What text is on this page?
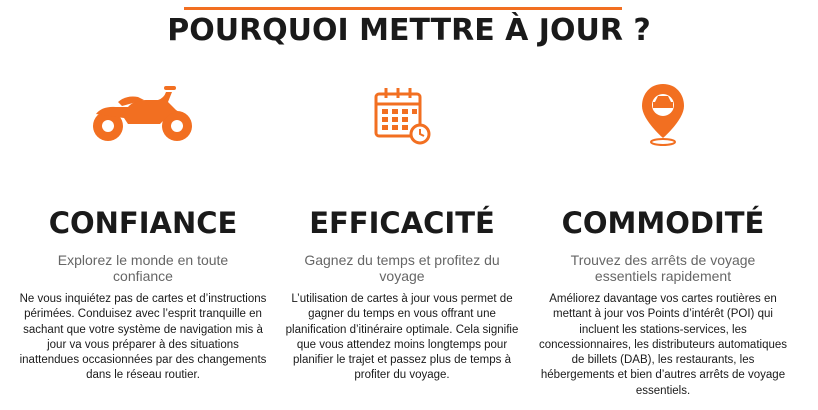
POURQUOI METTRE À JOUR ?
CONFIANCE

Explorez le monde en toute confiance

Ne vous inquiétez pas de cartes et d’instructions périmées. Conduisez avec l’esprit tranquille en sachant que votre système de navigation mis à jour va vous préparer à des situations inattendues occasionnées par des changements dans le réseau routier.

EFFICACITÉ

Gagnez du temps et profitez du voyage

L’utilisation de cartes à jour vous permet de gagner du temps en vous offrant une planification d’itinéraire optimale. Cela signifie que vous attendez moins longtemps pour planifier le trajet et passez plus de temps à profiter du voyage.

COMMODITÉ

Trouvez des arrêts de voyage essentiels rapidement

Améliorez davantage vos cartes routières en mettant à jour vos Points d’intérêt (POI) qui incluent les stations-services, les concessionnaires, les distributeurs automatiques de billets (DAB), les restaurants, les hébergements et bien d’autres arrêts de voyage essentiels.
